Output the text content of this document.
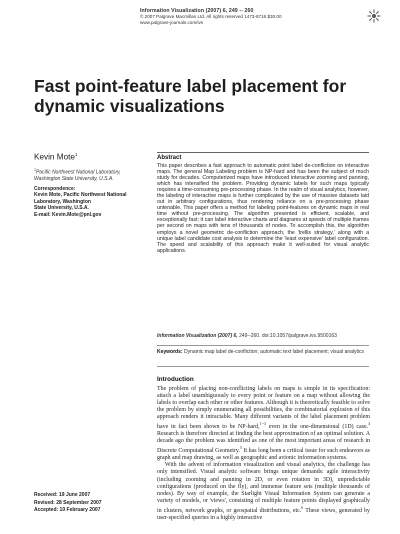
Information Visualization (2007) 6, 249 -- 260
© 2007 Palgrave Macmillan Ltd. All rights reserved 1473-8716 $30.00
www.palgrave-journals.com/ivs
Fast point-feature label placement for dynamic visualizations
Kevin Mote$^1$
$^1$Pacific Northwest National Laboratory, Washington State University, U.S.A.
Correspondence:
Kevin Mote, Pacific Northwest National
Laboratory, Washington
State University, U.S.A.
E-mail: Kevin.Mote@pnl.gov
Abstract
This paper describes a fast approach to automatic point label de-confliction on interactive maps. The general Map Labeling problem is NP-hard and has been the subject of much study for decades. Computerized maps have introduced interactive zooming and panning, which has intensified the problem. Providing dynamic labels for such maps typically requires a time-consuming pre-processing phase. In the realm of visual analytics, however, the labeling of interactive maps is further complicated by the use of massive datasets laid out in arbitrary configurations, thus rendering reliance on a pre-processing phase untenable. This paper offers a method for labeling point-features on dynamic maps in real time without pre-processing. The algorithm presented is efficient, scalable, and exceptionally fast; it can label interactive charts and diagrams at speeds of multiple frames per second on maps with tens of thousands of nodes. To accomplish this, the algorithm employs a novel geometric de-confliction approach, the 'trellis strategy,' along with a unique label candidate cost analysis to determine the 'least expensive' label configuration. The speed and scalability of this approach make it well-suited for visual analytic applications.
Information Visualization (2007) 6, 249--260. doi:10.1057/palgrave.ivs.9500163
Keywords: Dynamic map label de-confliction; automatic text label placement; visual analytics
Introduction

The problem of placing non-conflicting labels on maps is simple in its specification: attach a label unambiguously to every point or feature on a map without allowing the labels to overlap each other or other features. Although it is theoretically feasible to solve the problem by simply enumerating all possibilities, the combinatorial explosion of this approach renders it intractable. Many different variants of the label placement problem have in fact been shown to be NP-hard,$^{1--3}$ even in the one-dimensional (1D) case.$^4$ Research is therefore directed at finding the best approximation of an optimal solution. A decade ago the problem was identified as one of the most important areas of research in Discrete Computational Geometry.$^5$ It has long been a critical issue for such endeavors as graph and map drawing, as well as geographic and avionic information systems.

With the advent of information visualization and visual analytics, the challenge has only intensified. Visual analytic software brings unique demands: agile interactivity (including zooming and panning in 2D, or even rotation in 3D), unpredictable configurations (produced on the fly), and immense feature sets (multiple thousands of nodes). By way of example, the Starlight Visual Information System can generate a variety of models, or 'views', consisting of multiple feature points displayed graphically in clusters, network graphs, or geospatial distributions, etc.$^6$ These views, generated by user-specified queries in a highly interactive

Received: 19 June 2007
Revised: 28 September 2007
Accepted: 10 February 2007
